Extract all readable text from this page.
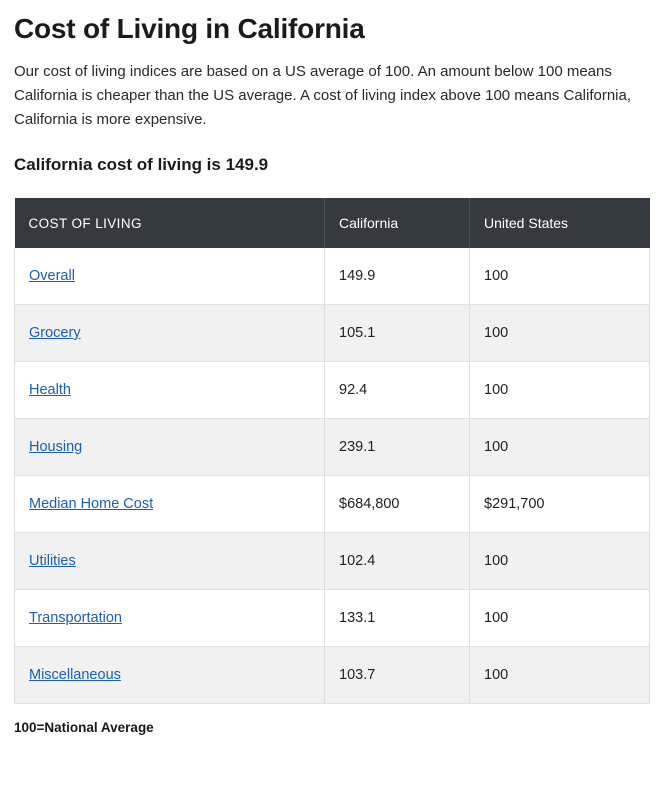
Cost of Living in California

Our cost of living indices are based on a US average of 100. An amount below 100 means California is cheaper than the US average. A cost of living index above 100 means California, California is more expensive.

California cost of living is 149.9
COST OF LIVING	California	United States
Overall	149.9	100
Grocery	105.1	100
Health	92.4	100
Housing	239.1	100
Median Home Cost	$684,800	$291,700
Utilities	102.4	100
Transportation	133.1	100
Miscellaneous	103.7	100
100=National Average
